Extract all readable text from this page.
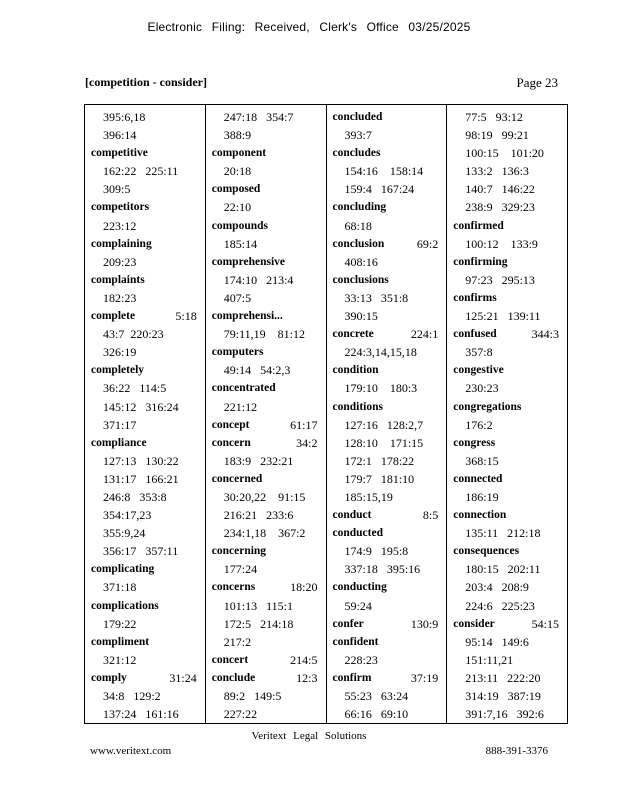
Electronic Filing: Received, Clerk's Office 03/25/2025
[competition - consider]	Page 23
395:6,18
396:14
competitive
162:22   225:11
309:5
competitors
223:12
complaining
209:23
complaints
182:23
complete	5:18
43:7  220:23
326:19
completely
36:22   114:5
145:12   316:24
371:17
compliance
127:13   130:22
131:17   166:21
246:8   353:8
354:17,23
355:9,24
356:17   357:11
complicating
371:18
complications
179:22
compliment
321:12
comply	31:24
34:8   129:2
137:24   161:16
247:18   354:7
388:9
component
20:18
composed
22:10
compounds
185:14
comprehensive
174:10   213:4
407:5
comprehensi...
79:11,19    81:12
computers
49:14   54:2,3
concentrated
221:12
concept	61:17
concern	34:2
183:9   232:21
concerned
30:20,22    91:15
216:21   233:6
234:1,18    367:2
concerning
177:24
concerns	18:20
101:13   115:1
172:5   214:18
217:2
concert	214:5
conclude	12:3
89:2   149:5
227:22
concluded
393:7
concludes
154:16    158:14
159:4   167:24
concluding
68:18
conclusion	69:2
408:16
conclusions
33:13   351:8
390:15
concrete	224:1
224:3,14,15,18
condition
179:10    180:3
conditions
127:16   128:2,7
128:10    171:15
172:1   178:22
179:7   181:10
185:15,19
conduct	8:5
conducted
174:9   195:8
337:18   395:16
conducting
59:24
confer	130:9
confident
228:23
confirm	37:19
55:23   63:24
66:16   69:10
77:5   93:12
98:19   99:21
100:15    101:20
133:2   136:3
140:7   146:22
238:9   329:23
confirmed
100:12    133:9
confirming
97:23   295:13
confirms
125:21   139:11
confused	344:3
357:8
congestive
230:23
congregations
176:2
congress
368:15
connected
186:19
connection
135:11   212:18
consequences
180:15   202:11
203:4   208:9
224:6   225:23
consider	54:15
95:14   149:6
151:11,21
213:11   222:20
314:19   387:19
391:7,16   392:6
Veritext Legal Solutions
www.veritext.com	888-391-3376
